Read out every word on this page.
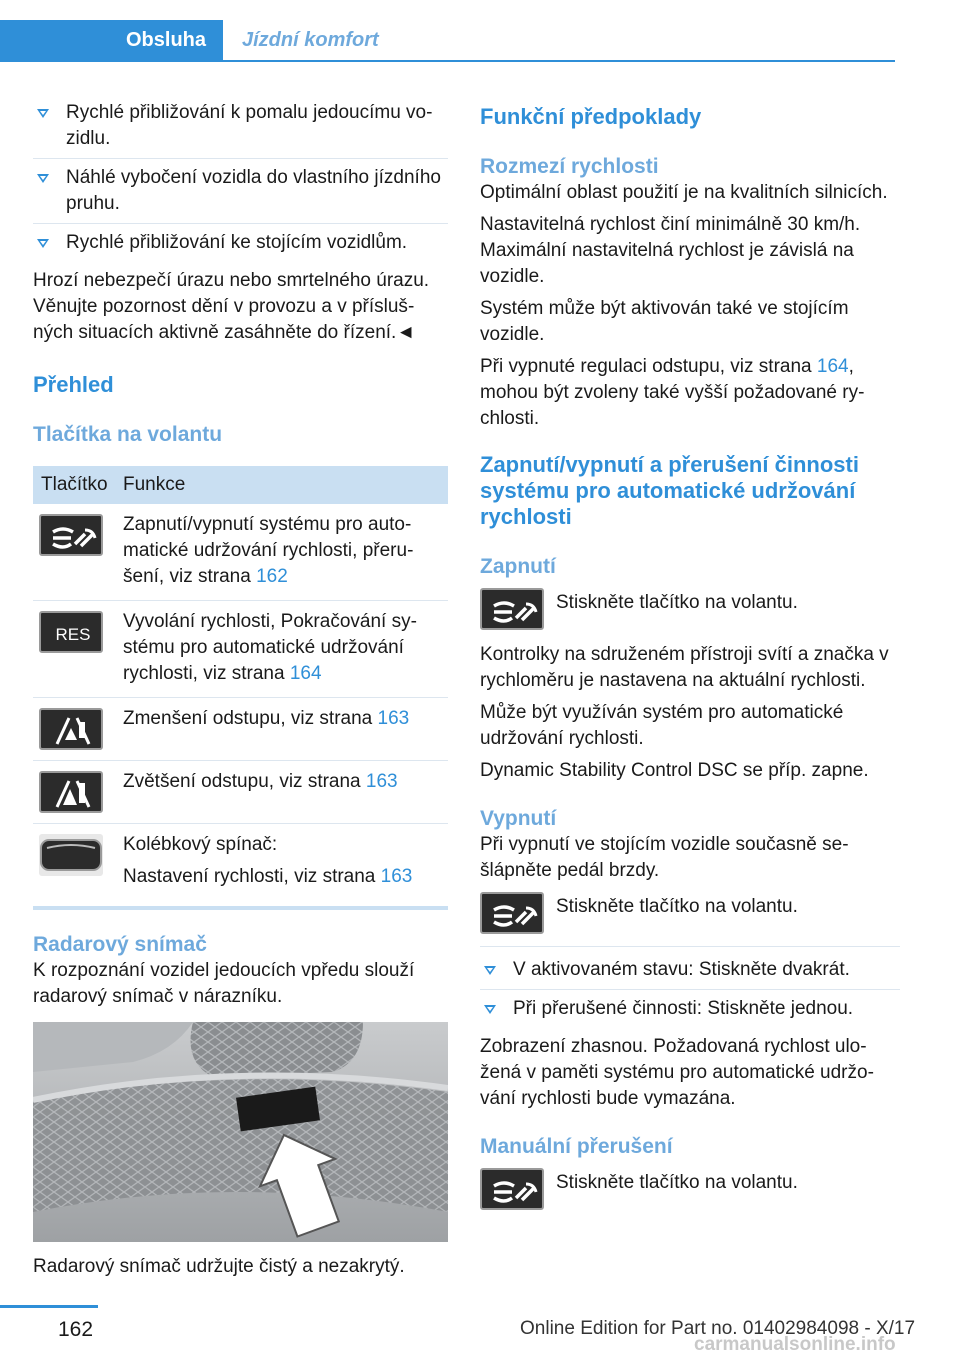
Obsluha	Jízdní komfort
Rychlé přibližování k pomalu jedoucímu vozidlu.
Náhlé vybočení vozidla do vlastního jízdního pruhu.
Rychlé přibližování ke stojícím vozidlům.

Hrozí nebezpečí úrazu nebo smrtelného úrazu. Věnujte pozornost dění v provozu a v příslušných situacích aktivně zasáhněte do řízení.◄

Přehled
Tlačítka na volantu
Tlačítko Funkce
Zapnutí/vypnutí systému pro automatické udržování rychlosti, přerušení, viz strana 162
RES
Vyvolání rychlosti, Pokračování systému pro automatické udržování rychlosti, viz strana 164
Zmenšení odstupu, viz strana 163
Zvětšení odstupu, viz strana 163

Kolébkový spínač:

Nastavení rychlosti, viz strana 163

Radarový snímač

K rozpoznání vozidel jedoucích vpředu slouží radarový snímač v nárazníku.

Radarový snímač udržujte čistý a nezakrytý.

Funkční předpoklady
Rozmezí rychlosti

Optimální oblast použití je na kvalitních silnicích.

Nastavitelná rychlost činí minimálně 30 km/h. Maximální nastavitelná rychlost je závislá na vozidle.

Systém může být aktivován také ve stojícím vozidle.

Při vypnuté regulaci odstupu, viz strana 164, mohou být zvoleny také vyšší požadované rychlosti.

Zapnutí/vypnutí a přerušení činnosti systému pro automatické udržování rychlosti
Zapnutí
Stiskněte tlačítko na volantu.

Kontrolky na sdruženém přístroji svítí a značka v rychloměru je nastavena na aktuální rychlosti.

Může být využíván systém pro automatické udržování rychlosti.

Dynamic Stability Control DSC se příp. zapne.

Vypnutí

Při vypnutí ve stojícím vozidle současně sešlápněte pedál brzdy.

Stiskněte tlačítko na volantu.
V aktivovaném stavu: Stiskněte dvakrát.
Při přerušené činnosti: Stiskněte jednou.

Zobrazení zhasnou. Požadovaná rychlost uložená v paměti systému pro automatické udržování rychlosti bude vymazána.

Manuální přerušení
Stiskněte tlačítko na volantu.
162	Online Edition for Part no. 01402984098 - X/17
carmanualsonline.info
